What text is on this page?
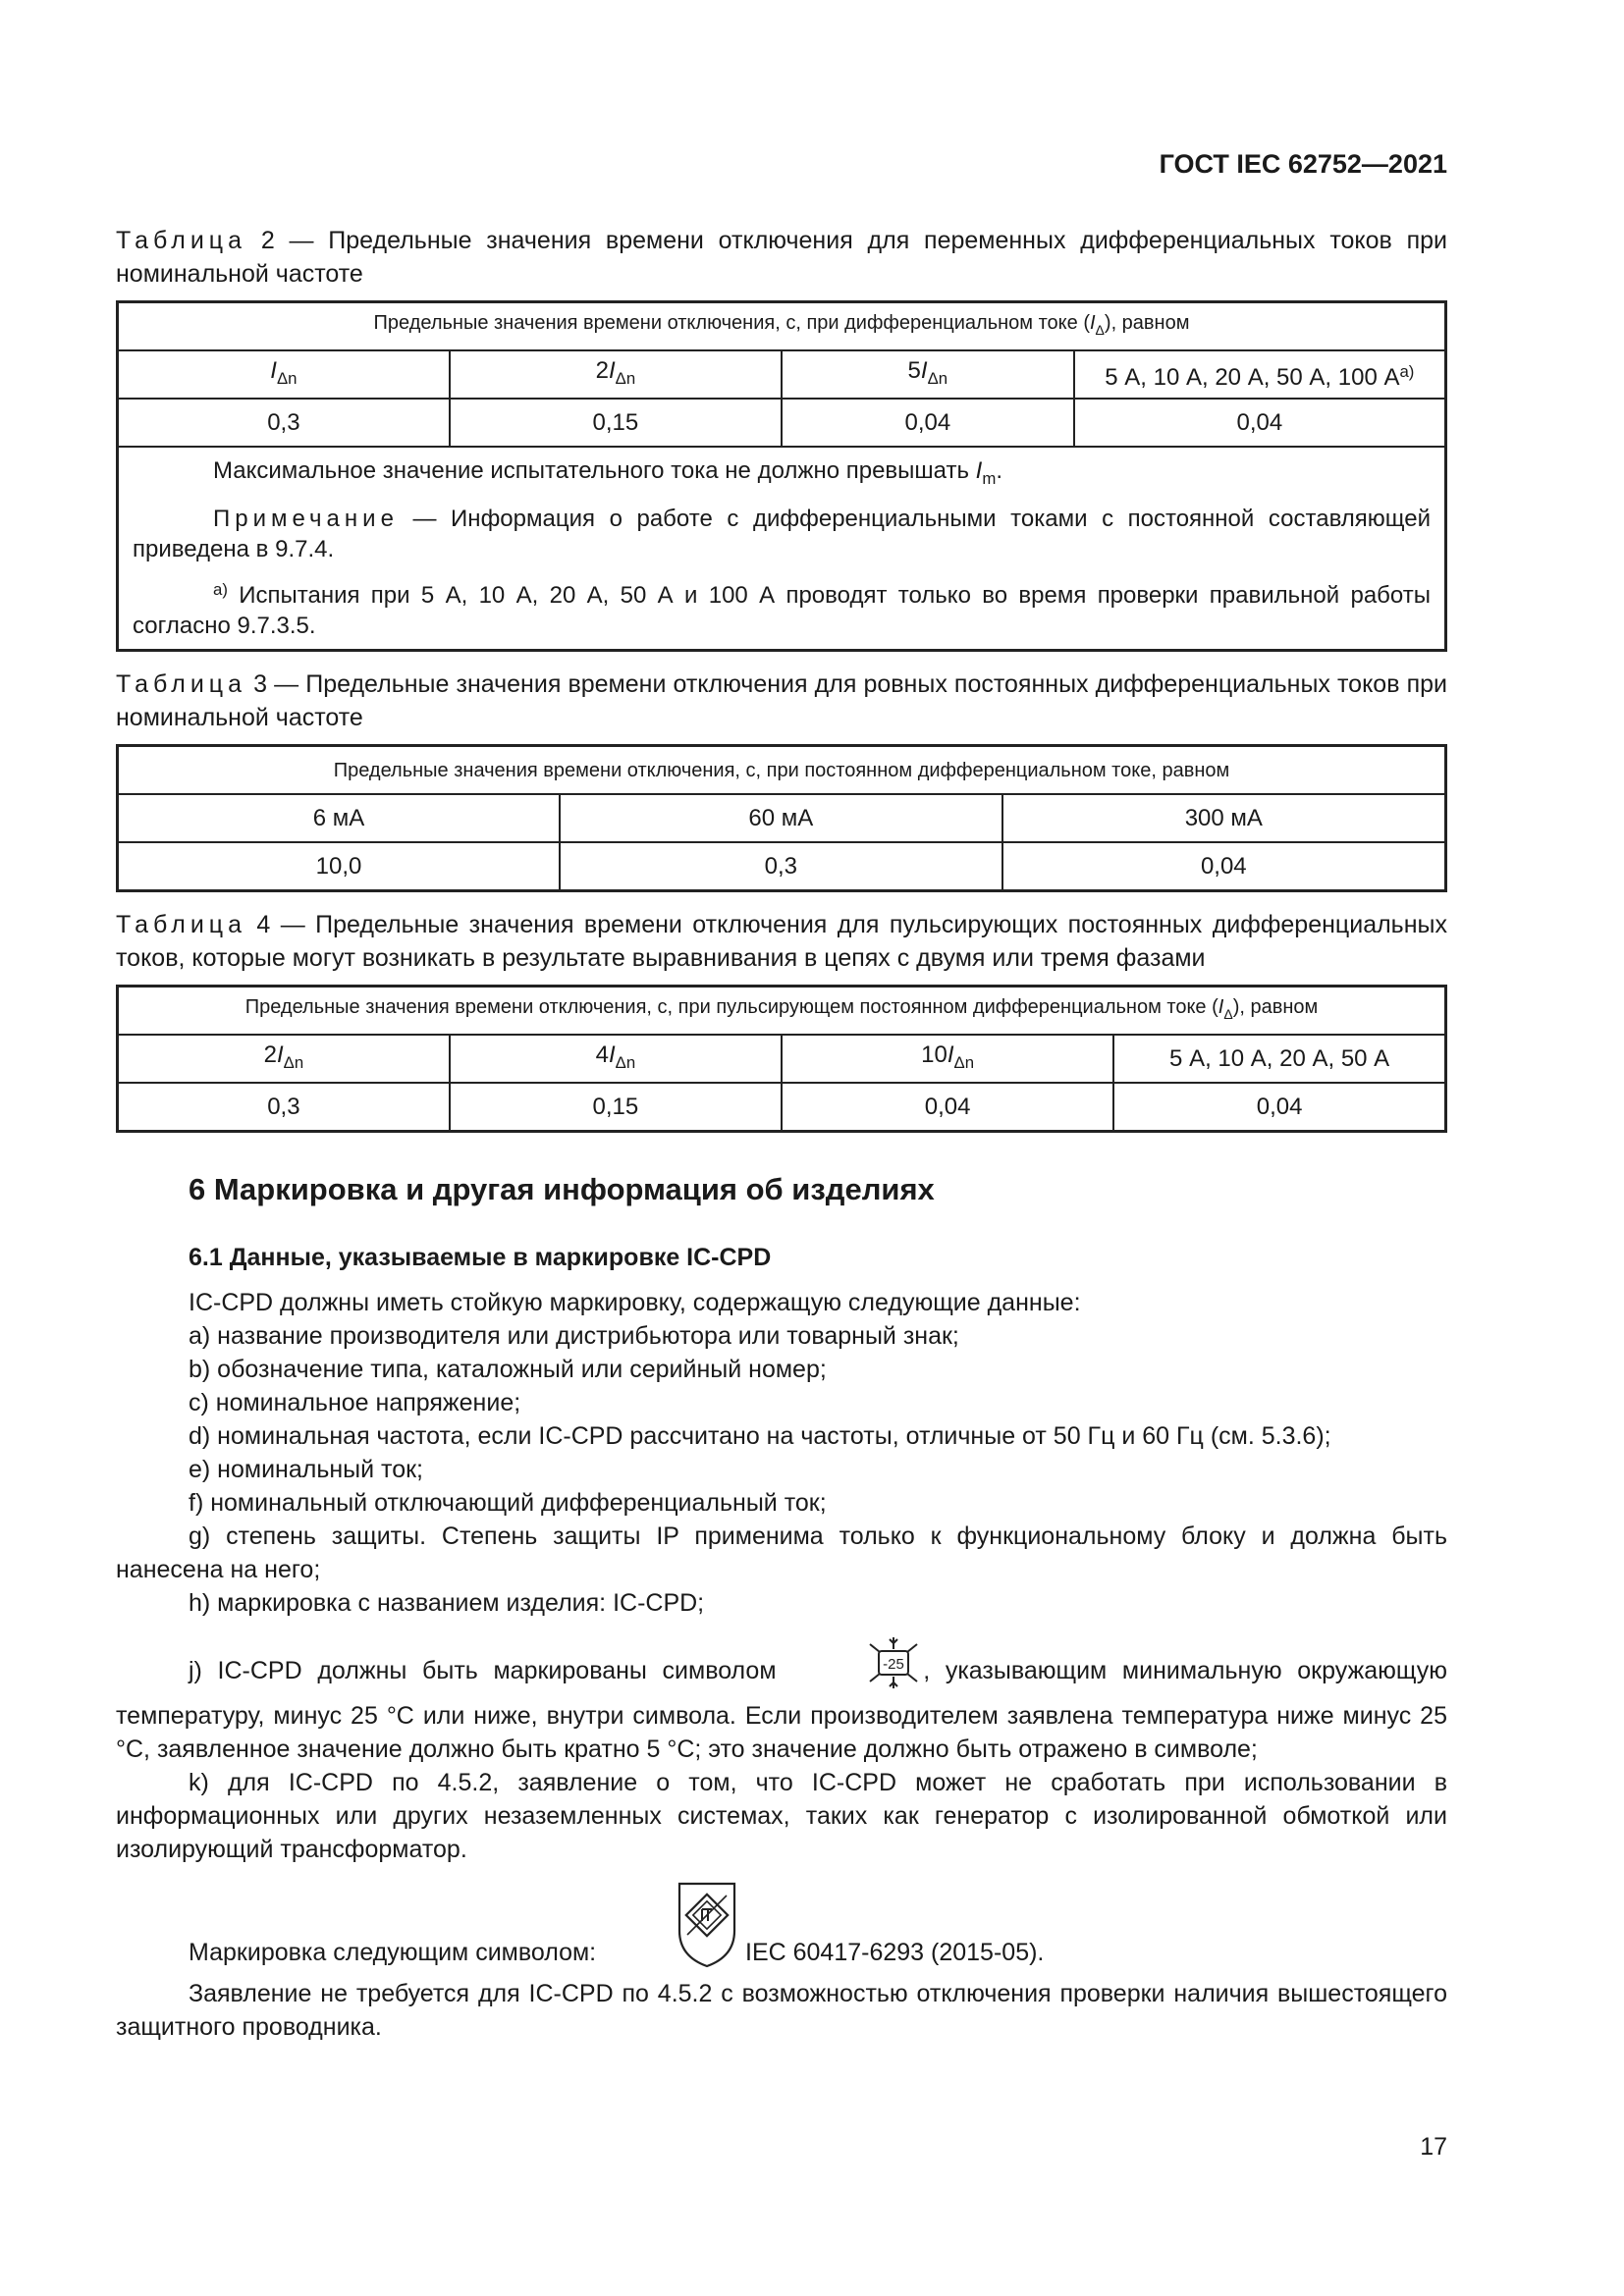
ГОСТ IEC 62752—2021

Таблица 2 — Предельные значения времени отключения для переменных дифференциальных токов при номинальной частоте

Предельные значения времени отключения, с, при дифференциальном токе $(I_\Delta)$, равном			
$I_{\Delta n}$	$2I_{\Delta n}$	$5I_{\Delta n}$	5 А, 10 А, 20 А, 50 А, 100 $А^{а)}$
0,3	0,15	0,04	0,04

Максимальное значение испытательного тока не должно превышать $I_m$.

Примечание — Информация о работе с дифференциальными токами с постоянной составляющей приведена в 9.7.4.

$^{а)}$ Испытания при 5 А, 10 А, 20 А, 50 А и 100 А проводят только во время проверки правильной работы согласно 9.7.3.5.			

Таблица 3 — Предельные значения времени отключения для ровных постоянных дифференциальных токов при номинальной частоте

Предельные значения времени отключения, с, при постоянном дифференциальном токе, равном		
6 мА	60 мА	300 мА
10,0	0,3	0,04

Таблица 4 — Предельные значения времени отключения для пульсирующих постоянных дифференциальных токов, которые могут возникать в результате выравнивания в цепях с двумя или тремя фазами

Предельные значения времени отключения, с, при пульсирующем постоянном дифференциальном токе $(I_\Delta)$, равном			
$2I_{\Delta n}$	$4I_{\Delta n}$	$10I_{\Delta n}$	5 А, 10 А, 20 А, 50 А
0,3	0,15	0,04	0,04
6 Маркировка и другая информация об изделиях
6.1 Данные, указываемые в маркировке IC-CPD

IC-CPD должны иметь стойкую маркировку, содержащую следующие данные:

a) название производителя или дистрибьютора или товарный знак;

b) обозначение типа, каталожный или серийный номер;

c) номинальное напряжение;

d) номинальная частота, если IC-CPD рассчитано на частоты, отличные от 50 Гц и 60 Гц (см. 5.3.6);

e) номинальный ток;

f) номинальный отключающий дифференциальный ток;

g) степень защиты. Степень защиты IP применима только к функциональному блоку и должна быть нанесена на него;

h) маркировка с названием изделия: IC-CPD;

j) IC-CPD должны быть маркированы символом	-25 , указывающим минимальную окружающую температуру, минус 25 °С или ниже, внутри символа. Если производителем заявлена температура ниже минус 25 °С, заявленное значение должно быть кратно 5 °С; это значение должно быть отражено в символе;

k) для IC-CPD по 4.5.2, заявление о том, что IC-CPD может не сработать при использовании в информационных или других незаземленных системах, таких как генератор с изолированной обмоткой или изолирующий трансформатор.

Маркировка следующим символом:	IEC 60417-6293 (2015-05).

Заявление не требуется для IC-CPD по 4.5.2 с возможностью отключения проверки наличия вышестоящего защитного проводника.

17
